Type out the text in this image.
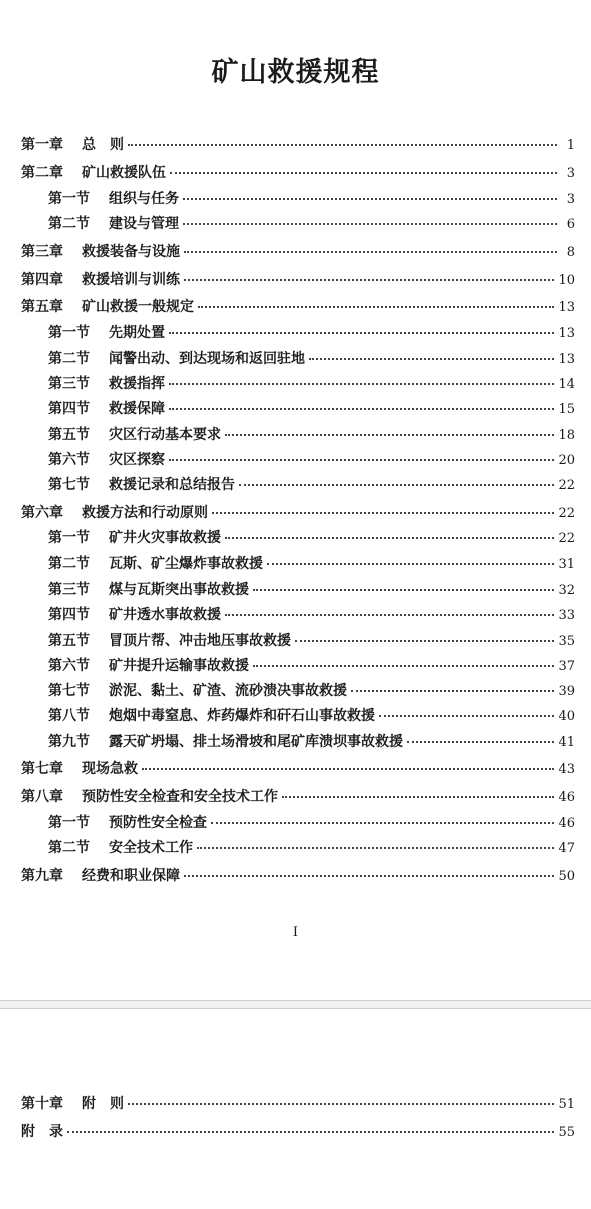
矿山救援规程
第一章 总　则	1
第二章 矿山救援队伍	3
第一节 组织与任务	3
第二节 建设与管理	6
第三章 救援装备与设施	8
第四章 救援培训与训练	10
第五章 矿山救援一般规定	13
第一节 先期处置	13
第二节 闻警出动、到达现场和返回驻地	13
第三节 救援指挥	14
第四节 救援保障	15
第五节 灾区行动基本要求	18
第六节 灾区探察	20
第七节 救援记录和总结报告	22
第六章 救援方法和行动原则	22
第一节 矿井火灾事故救援	22
第二节 瓦斯、矿尘爆炸事故救援	31
第三节 煤与瓦斯突出事故救援	32
第四节 矿井透水事故救援	33
第五节 冒顶片帮、冲击地压事故救援	35
第六节 矿井提升运输事故救援	37
第七节 淤泥、黏土、矿渣、流砂溃决事故救援	39
第八节 炮烟中毒窒息、炸药爆炸和矸石山事故救援	40
第九节 露天矿坍塌、排土场滑坡和尾矿库溃坝事故救援	41
第七章 现场急救	43
第八章 预防性安全检查和安全技术工作	46
第一节 预防性安全检查	46
第二节 安全技术工作	47
第九章 经费和职业保障	50
I
第十章 附　则	51
附　录	55
